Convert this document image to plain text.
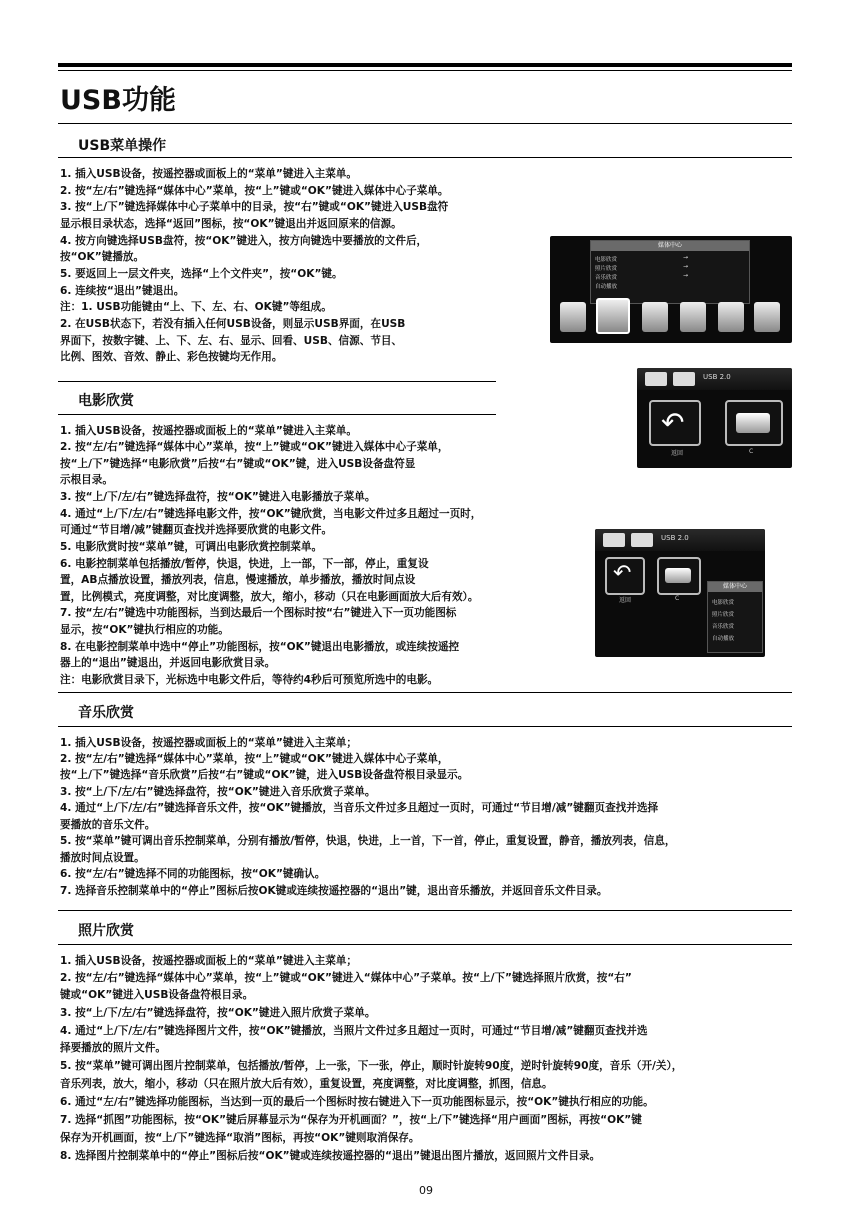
USB功能
USB菜单操作
1. 插入USB设备，按遥控器或面板上的“菜单”键进入主菜单。
2. 按“左/右”键选择“媒体中心”菜单，按“上”键或“OK”键进入媒体中心子菜单。
3. 按“上/下”键选择媒体中心子菜单中的目录，按“右”键或“OK”键进入USB盘符
显示根目录状态，选择“返回”图标，按“OK”键退出并返回原来的信源。
4. 按方向键选择USB盘符，按“OK”键进入，按方向键选中要播放的文件后，
按“OK”键播放。
5. 要返回上一层文件夹，选择“上个文件夹”，按“OK”键。
6. 连续按“退出”键退出。
注：1. USB功能键由“上、下、左、右、OK键”等组成。
2. 在USB状态下，若没有插入任何USB设备，则显示USB界面，在USB
界面下，按数字键、上、下、左、右、显示、回看、USB、信源、节目、
比例、图效、音效、静止、彩色按键均无作用。
媒体中心
电影欣赏
照片欣赏
音乐欣赏
自动播放
→
→
→
电影欣赏
1. 插入USB设备，按遥控器或面板上的“菜单”键进入主菜单。
2. 按“左/右”键选择“媒体中心”菜单，按“上”键或“OK”键进入媒体中心子菜单，
按“上/下”键选择“电影欣赏”后按“右”键或“OK”键，进入USB设备盘符显
示根目录。
3. 按“上/下/左/右”键选择盘符，按“OK”键进入电影播放子菜单。
4. 通过“上/下/左/右”键选择电影文件，按“OK”键欣赏，当电影文件过多且超过一页时，
可通过“节目增/减”键翻页查找并选择要欣赏的电影文件。
5. 电影欣赏时按“菜单”键，可调出电影欣赏控制菜单。
6. 电影控制菜单包括播放/暂停，快退，快进，上一部，下一部，停止，重复设
置，AB点播放设置，播放列表，信息，慢速播放，单步播放，播放时间点设
置，比例模式，亮度调整，对比度调整，放大，缩小，移动（只在电影画面放大后有效）。
7. 按“左/右”键选中功能图标，当到达最后一个图标时按“右”键进入下一页功能图标
显示，按“OK”键执行相应的功能。
8. 在电影控制菜单中选中“停止”功能图标，按“OK”键退出电影播放，或连续按遥控
器上的“退出”键退出，并返回电影欣赏目录。
注：电影欣赏目录下，光标选中电影文件后，等待约4秒后可预览所选中的电影。
USB 2.0
↶
返回	C
USB 2.0
↶
返回	C
媒体中心
电影欣赏
照片欣赏
音乐欣赏
自动播放
音乐欣赏
1. 插入USB设备，按遥控器或面板上的“菜单”键进入主菜单；
2. 按“左/右”键选择“媒体中心”菜单，按“上”键或“OK”键进入媒体中心子菜单，
按“上/下”键选择“音乐欣赏”后按“右”键或“OK”键，进入USB设备盘符根目录显示。
3. 按“上/下/左/右”键选择盘符，按“OK”键进入音乐欣赏子菜单。
4. 通过“上/下/左/右”键选择音乐文件，按“OK”键播放，当音乐文件过多且超过一页时，可通过“节目增/减”键翻页查找并选择
要播放的音乐文件。
5. 按“菜单”键可调出音乐控制菜单，分别有播放/暂停，快退，快进，上一首，下一首，停止，重复设置，静音，播放列表，信息，
播放时间点设置。
6. 按“左/右”键选择不同的功能图标，按“OK”键确认。
7. 选择音乐控制菜单中的“停止”图标后按OK键或连续按遥控器的“退出”键，退出音乐播放，并返回音乐文件目录。
照片欣赏
1. 插入USB设备，按遥控器或面板上的“菜单”键进入主菜单；
2. 按“左/右”键选择“媒体中心”菜单，按“上”键或“OK”键进入“媒体中心”子菜单。按“上/下”键选择照片欣赏，按“右”
键或“OK”键进入USB设备盘符根目录。
3. 按“上/下/左/右”键选择盘符，按“OK”键进入照片欣赏子菜单。
4. 通过“上/下/左/右”键选择图片文件，按“OK”键播放，当照片文件过多且超过一页时，可通过“节目增/减”键翻页查找并选
择要播放的照片文件。
5. 按“菜单”键可调出图片控制菜单，包括播放/暂停，上一张，下一张，停止，顺时针旋转90度，逆时针旋转90度，音乐（开/关），
音乐列表，放大，缩小，移动（只在照片放大后有效），重复设置，亮度调整，对比度调整，抓图，信息。
6. 通过“左/右”键选择功能图标，当达到一页的最后一个图标时按右键进入下一页功能图标显示，按“OK”键执行相应的功能。
7. 选择“抓图”功能图标，按“OK”键后屏幕显示为“保存为开机画面？”，按“上/下”键选择“用户画面”图标，再按“OK”键
保存为开机画面，按“上/下”键选择“取消”图标，再按“OK”键则取消保存。
8. 选择图片控制菜单中的“停止”图标后按“OK”键或连续按遥控器的“退出”键退出图片播放，返回照片文件目录。
09
